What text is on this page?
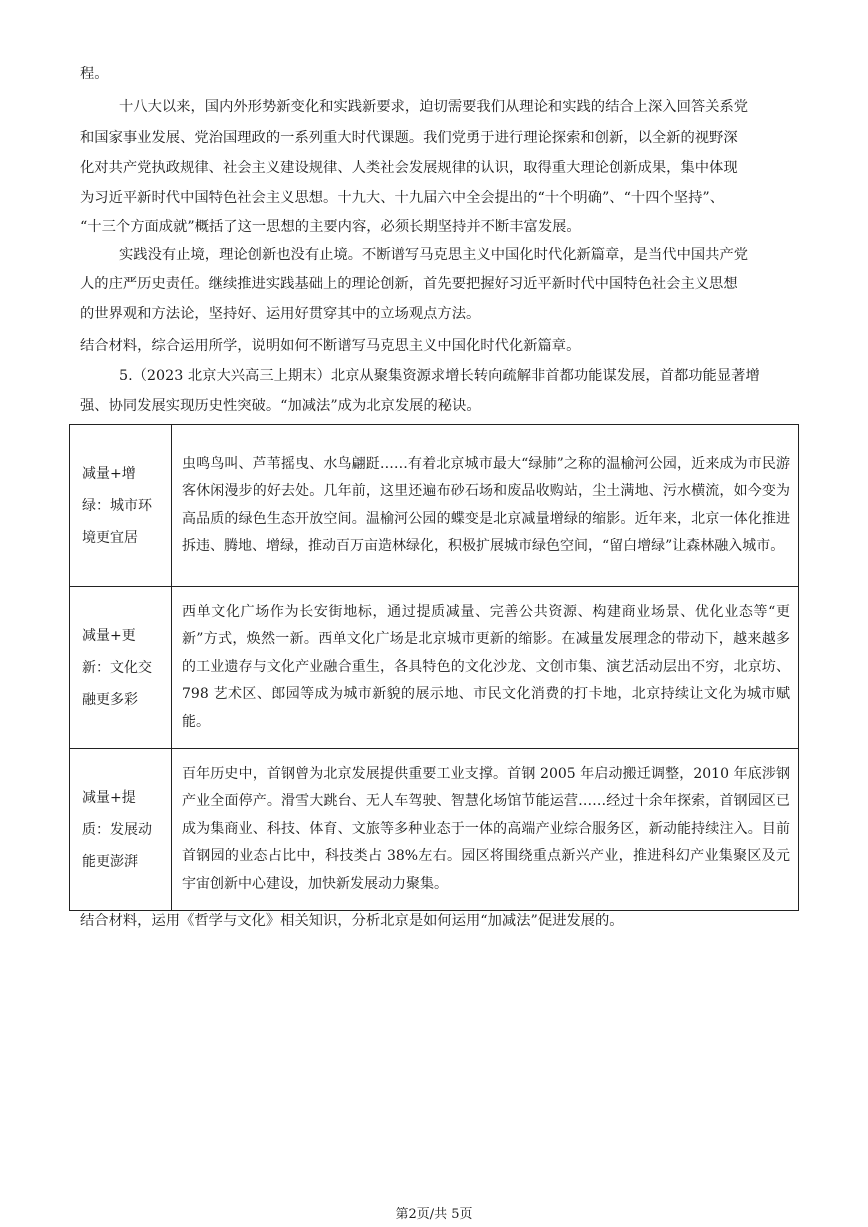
程。
十八大以来，国内外形势新变化和实践新要求，迫切需要我们从理论和实践的结合上深入回答关系党
和国家事业发展、党治国理政的一系列重大时代课题。我们党勇于进行理论探索和创新，以全新的视野深
化对共产党执政规律、社会主义建设规律、人类社会发展规律的认识，取得重大理论创新成果，集中体现
为习近平新时代中国特色社会主义思想。十九大、十九届六中全会提出的“十个明确”、“十四个坚持”、
“十三个方面成就”概括了这一思想的主要内容，必须长期坚持并不断丰富发展。
实践没有止境，理论创新也没有止境。不断谱写马克思主义中国化时代化新篇章，是当代中国共产党
人的庄严历史责任。继续推进实践基础上的理论创新，首先要把握好习近平新时代中国特色社会主义思想
的世界观和方法论，坚持好、运用好贯穿其中的立场观点方法。
结合材料，综合运用所学，说明如何不断谱写马克思主义中国化时代化新篇章。
5.（2023 北京大兴高三上期末）北京从聚集资源求增长转向疏解非首都功能谋发展，首都功能显著增
强、协同发展实现历史性突破。“加减法”成为北京发展的秘诀。
减量+增
绿：城市环
境更宜居	虫鸣鸟叫、芦苇摇曳、水鸟翩跹……有着北京城市最大“绿肺”之称的温榆河公园，近来成为市民游客休闲漫步的好去处。几年前，这里还遍布砂石场和废品收购站，尘土满地、污水横流，如今变为高品质的绿色生态开放空间。温榆河公园的蝶变是北京减量增绿的缩影。近年来，北京一体化推进拆违、腾地、增绿，推动百万亩造林绿化，积极扩展城市绿色空间，“留白增绿”让森林融入城市。

减量+更
新：文化交
融更多彩	西单文化广场作为长安街地标，通过提质减量、完善公共资源、构建商业场景、优化业态等“更新”方式，焕然一新。西单文化广场是北京城市更新的缩影。在减量发展理念的带动下，越来越多的工业遗存与文化产业融合重生，各具特色的文化沙龙、文创市集、演艺活动层出不穷，北京坊、798 艺术区、郎园等成为城市新貌的展示地、市民文化消费的打卡地，北京持续让文化为城市赋能。

减量+提
质：发展动
能更澎湃	百年历史中，首钢曾为北京发展提供重要工业支撑。首钢 2005 年启动搬迁调整，2010 年底涉钢产业全面停产。滑雪大跳台、无人车驾驶、智慧化场馆节能运营……经过十余年探索，首钢园区已成为集商业、科技、体育、文旅等多种业态于一体的高端产业综合服务区，新动能持续注入。目前首钢园的业态占比中，科技类占 38%左右。园区将围绕重点新兴产业，推进科幻产业集聚区及元宇宙创新中心建设，加快新发展动力聚集。
结合材料，运用《哲学与文化》相关知识，分析北京是如何运用“加减法”促进发展的。
第2页/共 5页
